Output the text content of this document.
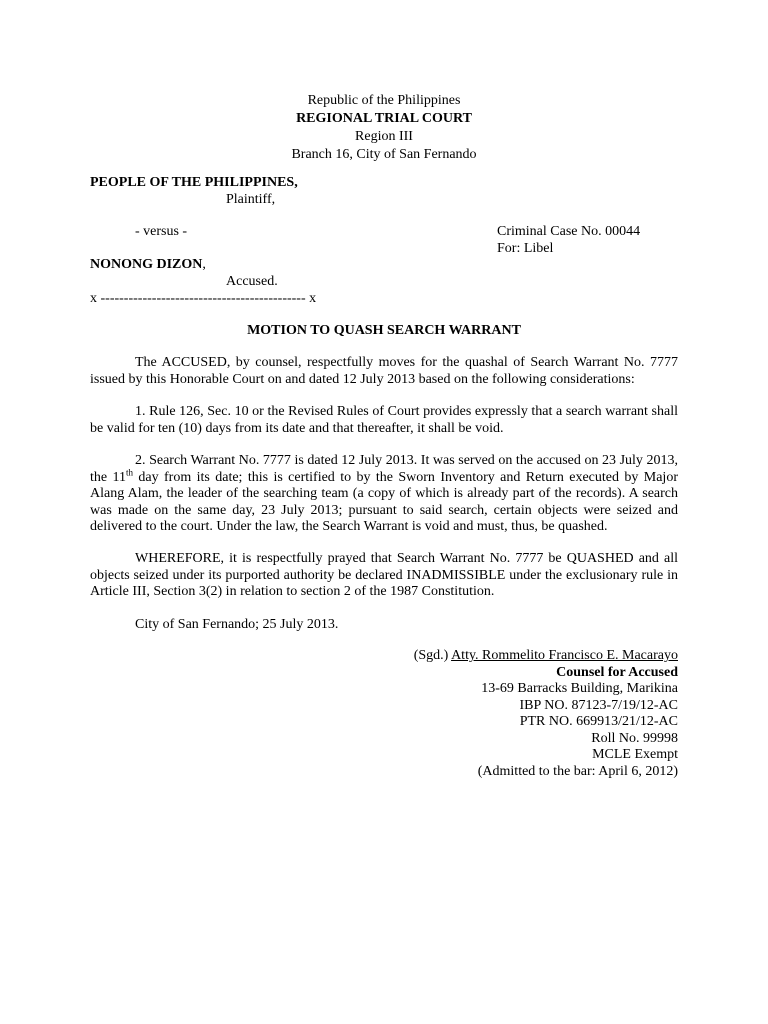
Republic of the Philippines
REGIONAL TRIAL COURT
Region III
Branch 16, City of San Fernando
PEOPLE OF THE PHILIPPINES,
Plaintiff,
- versus -	Criminal Case No. 00044
For: Libel
NONONG DIZON,
Accused.
x -------------------------------------------- x
MOTION TO QUASH SEARCH WARRANT
The ACCUSED, by counsel, respectfully moves for the quashal of Search Warrant No. 7777 issued by this Honorable Court on and dated 12 July 2013 based on the following considerations:
1. Rule 126, Sec. 10 or the Revised Rules of Court provides expressly that a search warrant shall be valid for ten (10) days from its date and that thereafter, it shall be void.
2. Search Warrant No. 7777 is dated 12 July 2013. It was served on the accused on 23 July 2013, the 11th day from its date; this is certified to by the Sworn Inventory and Return executed by Major Alang Alam, the leader of the searching team (a copy of which is already part of the records). A search was made on the same day, 23 July 2013; pursuant to said search, certain objects were seized and delivered to the court. Under the law, the Search Warrant is void and must, thus, be quashed.
WHEREFORE, it is respectfully prayed that Search Warrant No. 7777 be QUASHED and all objects seized under its purported authority be declared INADMISSIBLE under the exclusionary rule in Article III, Section 3(2) in relation to section 2 of the 1987 Constitution.
City of San Fernando; 25 July 2013.
(Sgd.) Atty. Rommelito Francisco E. Macarayo
Counsel for Accused
13-69 Barracks Building, Marikina
IBP NO. 87123-7/19/12-AC
PTR NO. 669913/21/12-AC
Roll No. 99998
MCLE Exempt
(Admitted to the bar: April 6, 2012)
